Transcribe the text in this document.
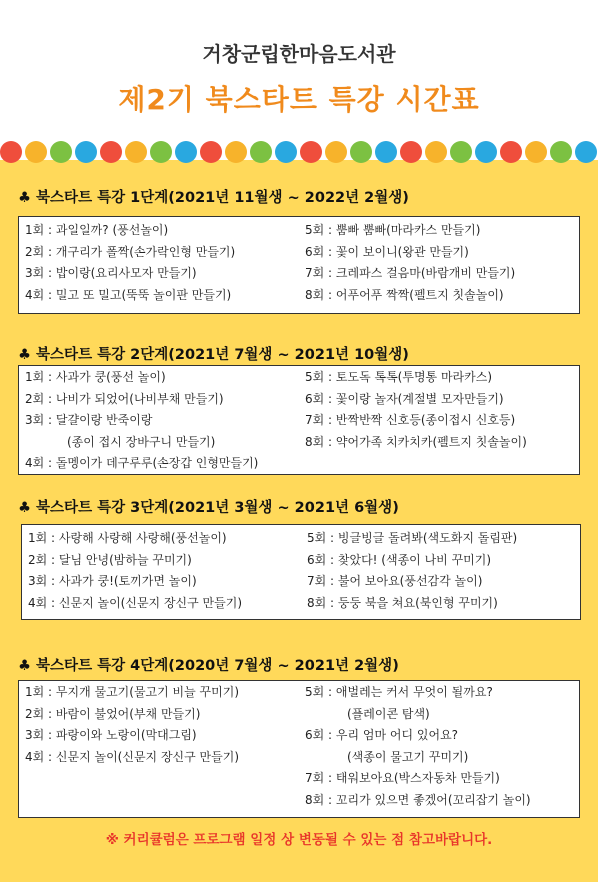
거창군립한마음도서관
제2기 북스타트 특강 시간표
♣ 북스타트 특강 1단계(2021년 11월생 ~ 2022년 2월생)
1회 : 과일일까? (풍선놀이)
2회 : 개구리가 폴짝(손가락인형 만들기)
3회 : 밥이랑(요리사모자 만들기)
4회 : 밀고 또 밀고(뚝뚝 놀이판 만들기)
5회 : 뿜빠 뿜빠(마라카스 만들기)
6회 : 꽃이 보이니(왕관 만들기)
7회 : 크레파스 걸음마(바람개비 만들기)
8회 : 어푸어푸 짝짝(펠트지 칫솔놀이)
♣ 북스타트 특강 2단계(2021년 7월생 ~ 2021년 10월생)
1회 : 사과가 쿵(풍선 놀이)
2회 : 나비가 되었어(나비부채 만들기)
3회 : 달걀이랑 반죽이랑
(종이 접시 장바구니 만들기)
4회 : 돌멩이가 데구루루(손장갑 인형만들기)
5회 : 토도독 톡톡(투명통 마라카스)
6회 : 꽃이랑 놀자(계절별 모자만들기)
7회 : 반짝반짝 신호등(종이접시 신호등)
8회 : 약어가족 치카치카(펠트지 칫솔놀이)
♣ 북스타트 특강 3단계(2021년 3월생 ~ 2021년 6월생)
1회 : 사랑해 사랑해 사랑해(풍선놀이)
2회 : 달님 안녕(밤하늘 꾸미기)
3회 : 사과가 쿵!(토끼가면 놀이)
4회 : 신문지 놀이(신문지 장신구 만들기)
5회 : 빙글빙글 돌려봐(색도화지 돌림판)
6회 : 찾았다! (색종이 나비 꾸미기)
7회 : 불어 보아요(풍선감각 놀이)
8회 : 둥둥 북을 쳐요(북인형 꾸미기)
♣ 북스타트 특강 4단계(2020년 7월생 ~ 2021년 2월생)
1회 : 무지개 물고기(물고기 비늘 꾸미기)
2회 : 바람이 불었어(부채 만들기)
3회 : 파랑이와 노랑이(막대그림)
4회 : 신문지 놀이(신문지 장신구 만들기)
5회 : 애벌레는 커서 무엇이 될까요?
(플레이콘 탐색)
6회 : 우리 엄마 어디 있어요?
(색종이 물고기 꾸미기)
7회 : 태워보아요(박스자동차 만들기)
8회 : 꼬리가 있으면 좋겠어(꼬리잡기 놀이)
※ 커리큘럼은 프로그램 일정 상 변동될 수 있는 점 참고바랍니다.
